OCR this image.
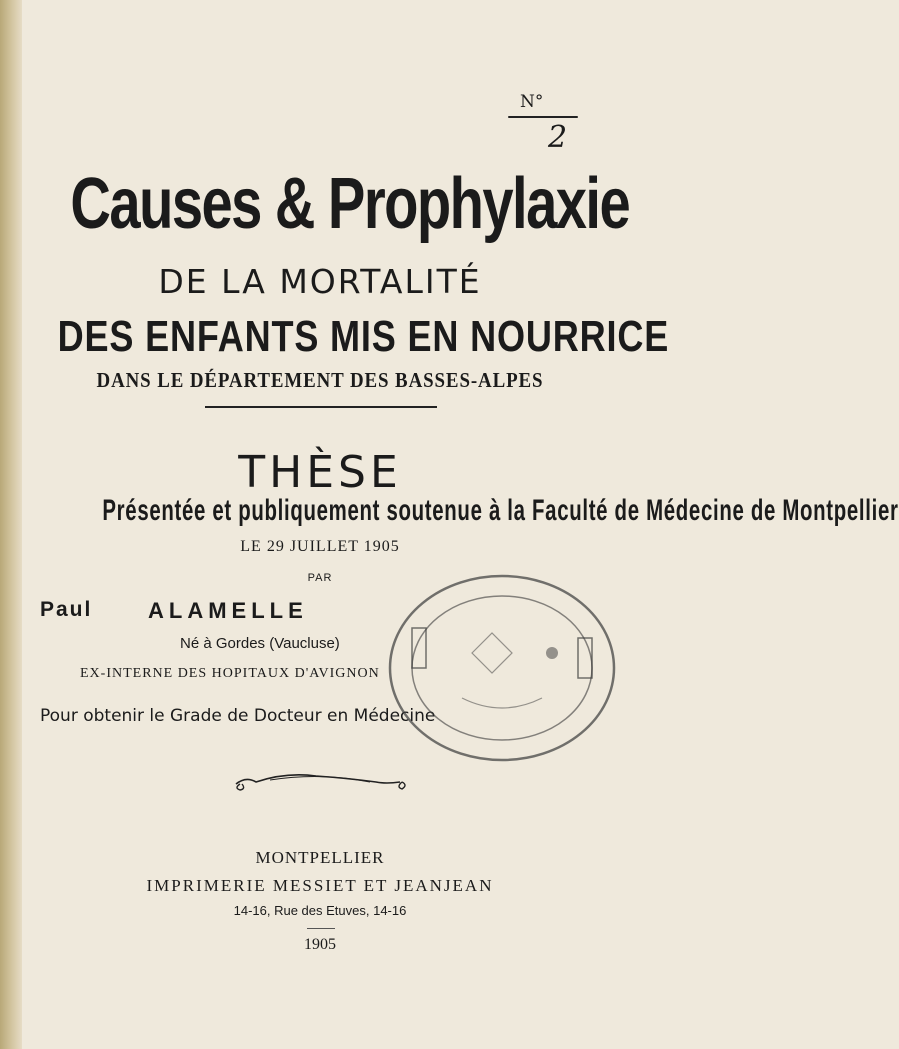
N°
2
Causes & Prophylaxie
DE LA MORTALITÉ
DES ENFANTS MIS EN NOURRICE
DANS LE DÉPARTEMENT DES BASSES-ALPES
THÈSE
Présentée et publiquement soutenue à la Faculté de Médecine de Montpellier
LE 29 JUILLET 1905
PAR
Paul	ALAMELLE
Né à Gordes (Vaucluse)
EX-INTERNE DES HOPITAUX D'AVIGNON
Pour obtenir le Grade de Docteur en Médecine
MONTPELLIER
IMPRIMERIE MESSIET ET JEANJEAN
14-16, Rue des Etuves, 14-16
1905
